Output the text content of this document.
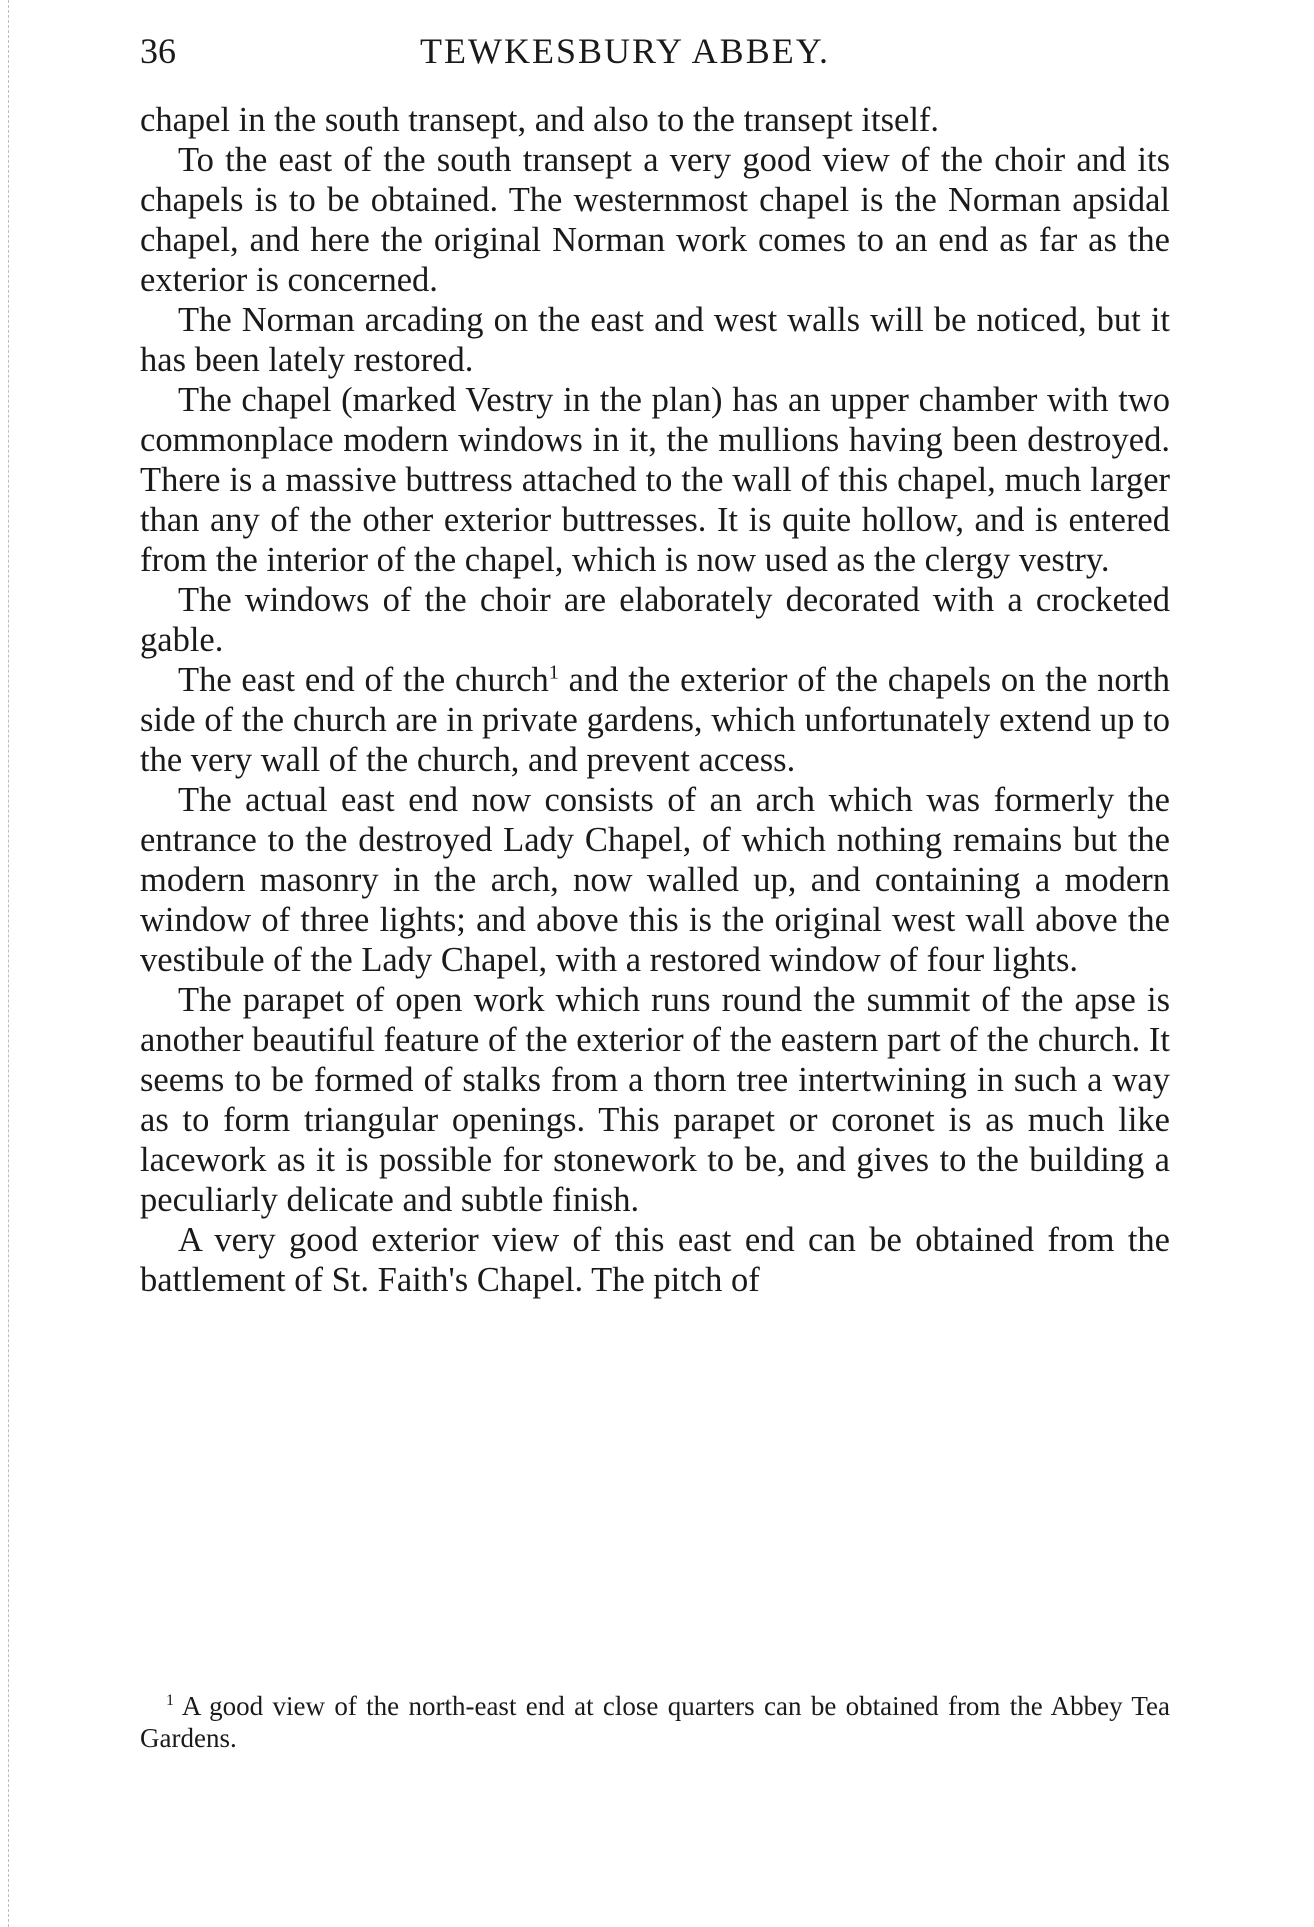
36	TEWKESBURY ABBEY.

chapel in the south transept, and also to the transept itself.

To the east of the south transept a very good view of the choir and its chapels is to be obtained. The westernmost chapel is the Norman apsidal chapel, and here the original Norman work comes to an end as far as the exterior is concerned.

The Norman arcading on the east and west walls will be noticed, but it has been lately restored.

The chapel (marked Vestry in the plan) has an upper chamber with two commonplace modern windows in it, the mullions having been destroyed. There is a massive buttress attached to the wall of this chapel, much larger than any of the other exterior buttresses. It is quite hollow, and is entered from the interior of the chapel, which is now used as the clergy vestry.

The windows of the choir are elaborately decorated with a crocketed gable.

The east end of the church$^1$ and the exterior of the chapels on the north side of the church are in private gardens, which unfortunately extend up to the very wall of the church, and prevent access.

The actual east end now consists of an arch which was formerly the entrance to the destroyed Lady Chapel, of which nothing remains but the modern masonry in the arch, now walled up, and containing a modern window of three lights; and above this is the original west wall above the vestibule of the Lady Chapel, with a restored window of four lights.

The parapet of open work which runs round the summit of the apse is another beautiful feature of the exterior of the eastern part of the church. It seems to be formed of stalks from a thorn tree intertwining in such a way as to form triangular openings. This parapet or coronet is as much like lacework as it is possible for stonework to be, and gives to the building a peculiarly delicate and subtle finish.

A very good exterior view of this east end can be obtained from the battlement of St. Faith's Chapel. The pitch of

$^1$ A good view of the north-east end at close quarters can be obtained from the Abbey Tea Gardens.
